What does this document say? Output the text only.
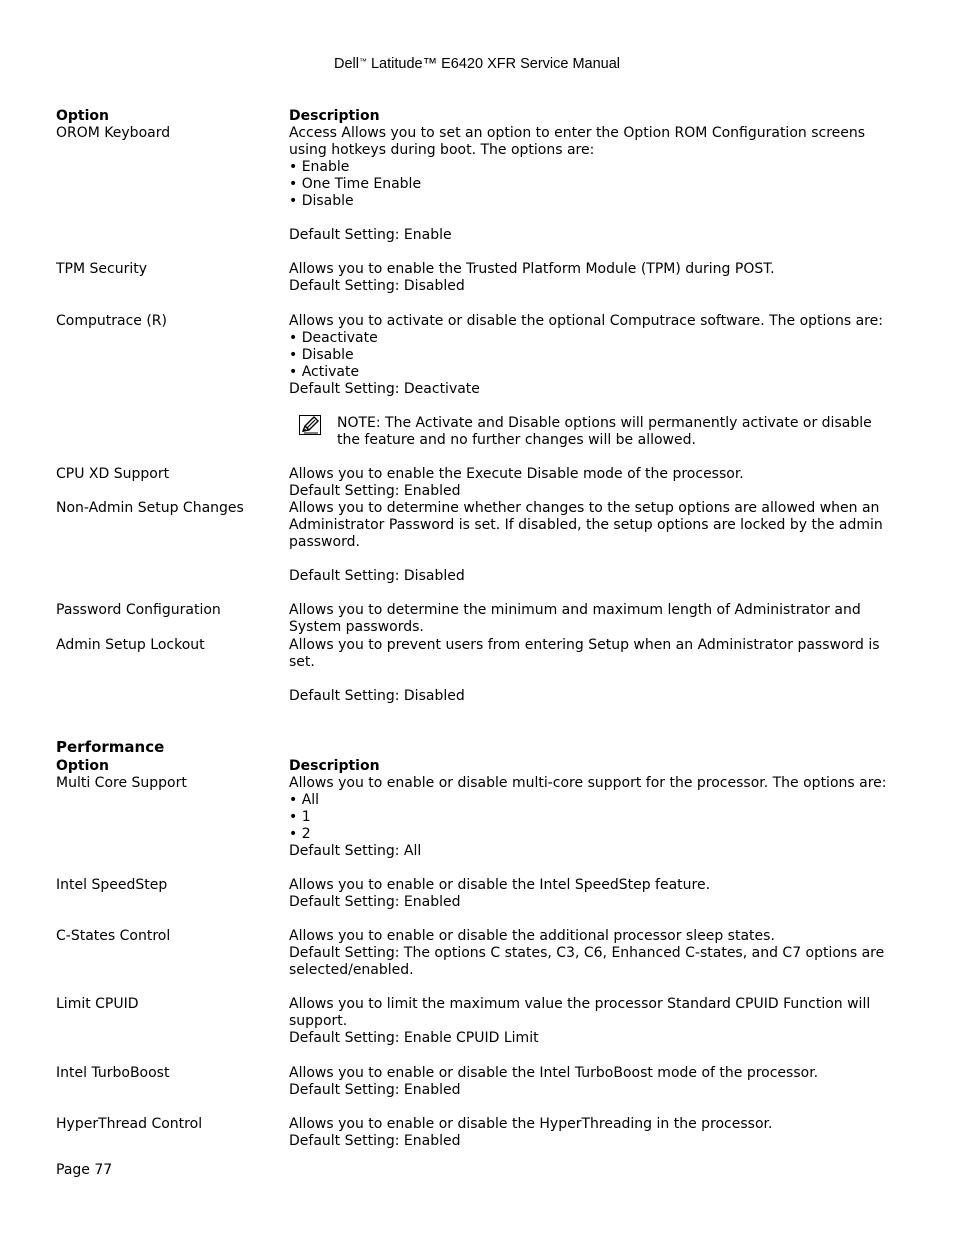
Dell™ Latitude™ E6420 XFR Service Manual
Option	Description
OROM Keyboard	Access Allows you to set an option to enter the Option ROM Configuration screens
using hotkeys during boot. The options are:
• Enable
• One Time Enable
• Disable
Default Setting: Enable
TPM Security	Allows you to enable the Trusted Platform Module (TPM) during POST.
Default Setting: Disabled
Computrace (R)	Allows you to activate or disable the optional Computrace software. The options are:
• Deactivate
• Disable
• Activate
Default Setting: Deactivate
NOTE: The Activate and Disable options will permanently activate or disable
the feature and no further changes will be allowed.
CPU XD Support	Allows you to enable the Execute Disable mode of the processor.
Default Setting: Enabled
Non-Admin Setup Changes	Allows you to determine whether changes to the setup options are allowed when an
Administrator Password is set. If disabled, the setup options are locked by the admin
password.
Default Setting: Disabled
Password Configuration	Allows you to determine the minimum and maximum length of Administrator and
System passwords.
Admin Setup Lockout	Allows you to prevent users from entering Setup when an Administrator password is
set.
Default Setting: Disabled
Performance
Option	Description
Multi Core Support	Allows you to enable or disable multi-core support for the processor. The options are:
• All
• 1
• 2
Default Setting: All
Intel SpeedStep	Allows you to enable or disable the Intel SpeedStep feature.
Default Setting: Enabled
C-States Control	Allows you to enable or disable the additional processor sleep states.
Default Setting: The options C states, C3, C6, Enhanced C-states, and C7 options are
selected/enabled.
Limit CPUID	Allows you to limit the maximum value the processor Standard CPUID Function will
support.
Default Setting: Enable CPUID Limit
Intel TurboBoost	Allows you to enable or disable the Intel TurboBoost mode of the processor.
Default Setting: Enabled
HyperThread Control	Allows you to enable or disable the HyperThreading in the processor.
Default Setting: Enabled
Page 77
